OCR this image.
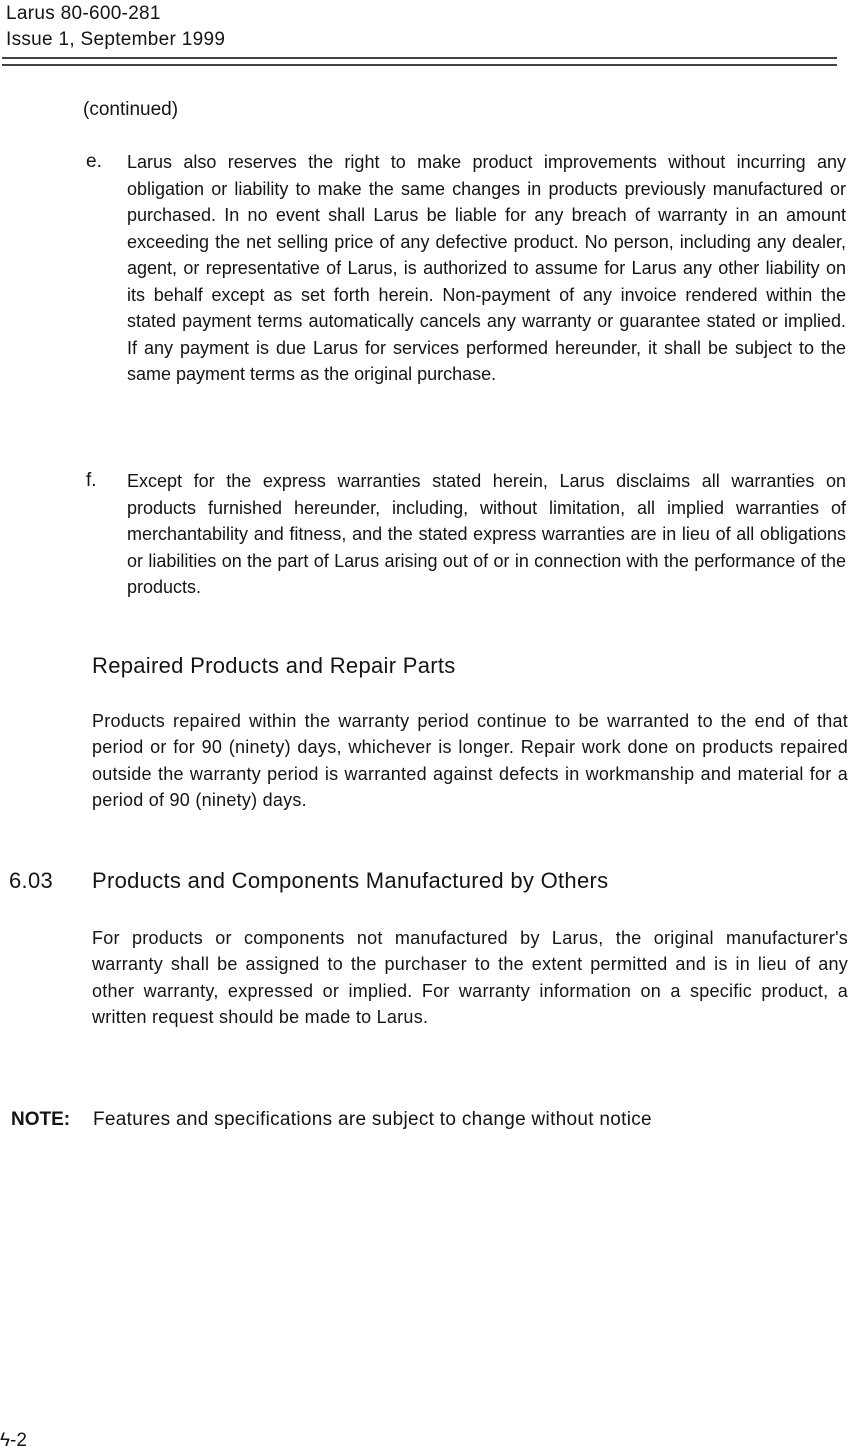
Larus 80-600-281
Issue 1, September 1999
(continued)
e. Larus also reserves the right to make product improvements without incurring any obligation or liability to make the same changes in products previously manufactured or purchased. In no event shall Larus be liable for any breach of warranty in an amount exceeding the net selling price of any defective product. No person, including any dealer, agent, or representative of Larus, is authorized to assume for Larus any other liability on its behalf except as set forth herein. Non-payment of any invoice rendered within the stated payment terms automatically cancels any warranty or guarantee stated or implied. If any payment is due Larus for services performed hereunder, it shall be subject to the same payment terms as the original purchase.

f. Except for the express warranties stated herein, Larus disclaims all warranties on products furnished hereunder, including, without limitation, all implied warranties of merchantability and fitness, and the stated express warranties are in lieu of all obligations or liabilities on the part of Larus arising out of or in connection with the performance of the products.

Repaired Products and Repair Parts

Products repaired within the warranty period continue to be warranted to the end of that period or for 90 (ninety) days, whichever is longer. Repair work done on products repaired outside the warranty period is warranted against defects in workmanship and material for a period of 90 (ninety) days.

6.03 Products and Components Manufactured by Others

For products or components not manufactured by Larus, the original manufacturer's warranty shall be assigned to the purchaser to the extent permitted and is in lieu of any other warranty, expressed or implied. For warranty information on a specific product, a written request should be made to Larus.

NOTE: Features and specifications are subject to change without notice
ϟ-2
